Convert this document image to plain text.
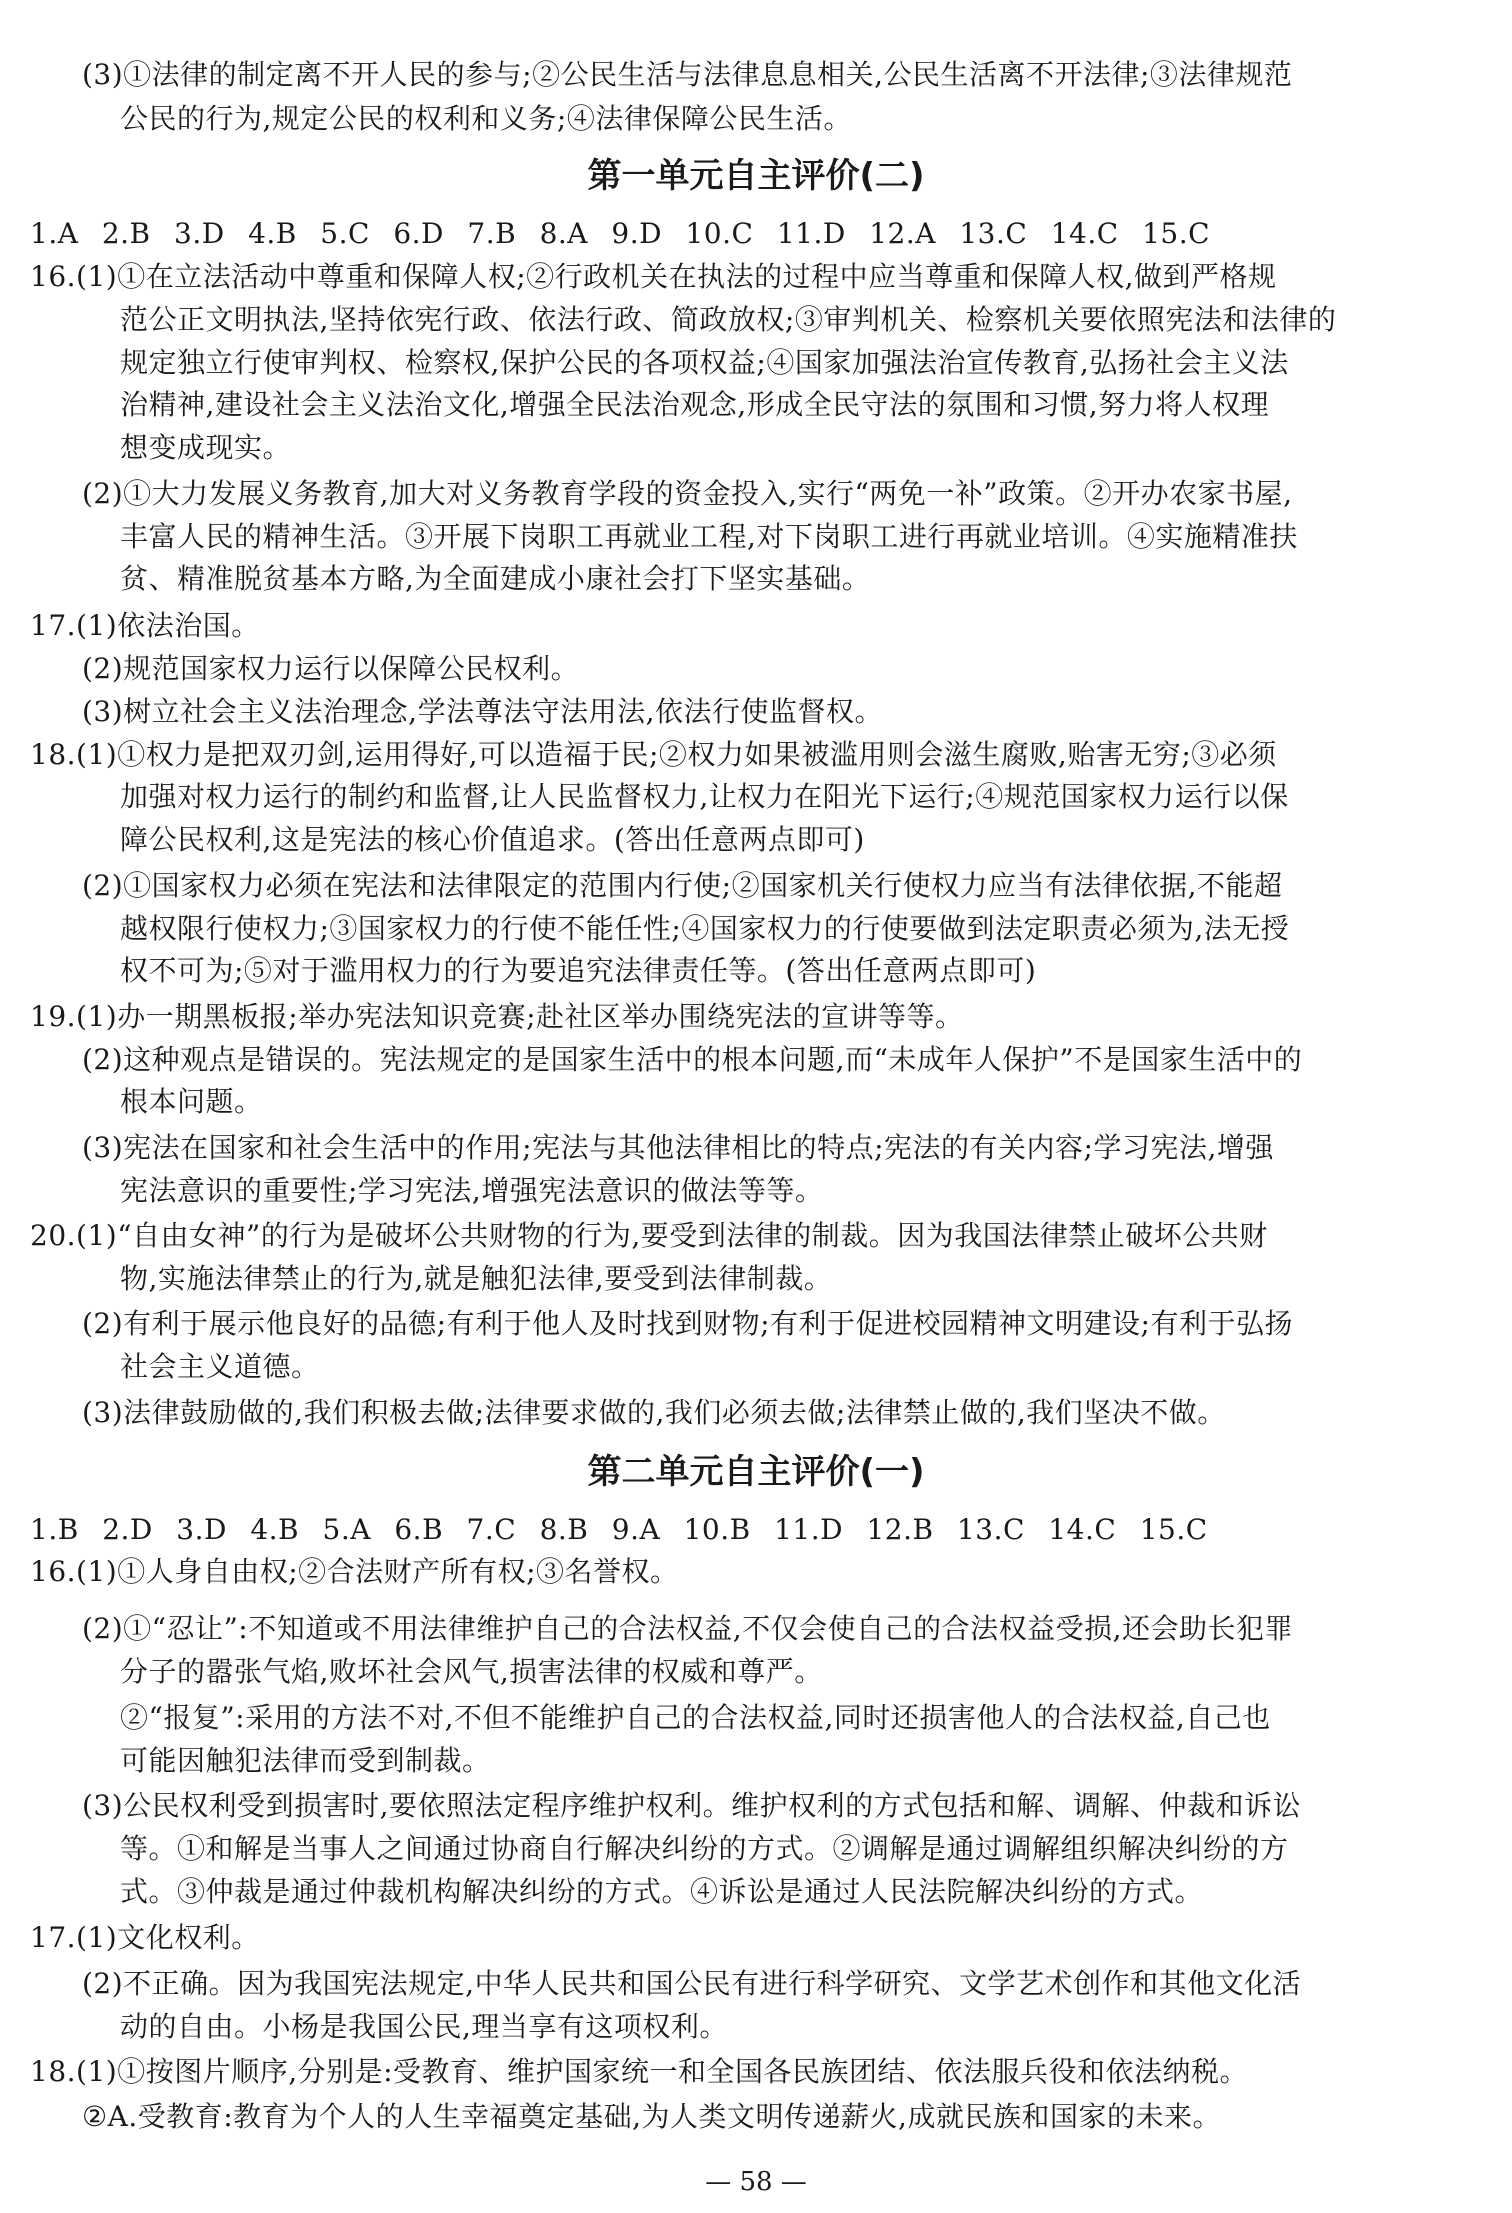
(3)①法律的制定离不开人民的参与;②公民生活与法律息息相关,公民生活离不开法律;③法律规范
公民的行为,规定公民的权利和义务;④法律保障公民生活。
第一单元自主评价(二)
1.A 2.B 3.D 4.B 5.C 6.D 7.B 8.A 9.D 10.C 11.D 12.A 13.C 14.C 15.C
16.(1)①在立法活动中尊重和保障人权;②行政机关在执法的过程中应当尊重和保障人权,做到严格规
范公正文明执法,坚持依宪行政、依法行政、简政放权;③审判机关、检察机关要依照宪法和法律的
规定独立行使审判权、检察权,保护公民的各项权益;④国家加强法治宣传教育,弘扬社会主义法
治精神,建设社会主义法治文化,增强全民法治观念,形成全民守法的氛围和习惯,努力将人权理
想变成现实。
(2)①大力发展义务教育,加大对义务教育学段的资金投入,实行“两免一补”政策。②开办农家书屋,
丰富人民的精神生活。③开展下岗职工再就业工程,对下岗职工进行再就业培训。④实施精准扶
贫、精准脱贫基本方略,为全面建成小康社会打下坚实基础。
17.(1)依法治国。
(2)规范国家权力运行以保障公民权利。
(3)树立社会主义法治理念,学法尊法守法用法,依法行使监督权。
18.(1)①权力是把双刃剑,运用得好,可以造福于民;②权力如果被滥用则会滋生腐败,贻害无穷;③必须
加强对权力运行的制约和监督,让人民监督权力,让权力在阳光下运行;④规范国家权力运行以保
障公民权利,这是宪法的核心价值追求。(答出任意两点即可)
(2)①国家权力必须在宪法和法律限定的范围内行使;②国家机关行使权力应当有法律依据,不能超
越权限行使权力;③国家权力的行使不能任性;④国家权力的行使要做到法定职责必须为,法无授
权不可为;⑤对于滥用权力的行为要追究法律责任等。(答出任意两点即可)
19.(1)办一期黑板报;举办宪法知识竞赛;赴社区举办围绕宪法的宣讲等等。
(2)这种观点是错误的。宪法规定的是国家生活中的根本问题,而“未成年人保护”不是国家生活中的
根本问题。
(3)宪法在国家和社会生活中的作用;宪法与其他法律相比的特点;宪法的有关内容;学习宪法,增强
宪法意识的重要性;学习宪法,增强宪法意识的做法等等。
20.(1)“自由女神”的行为是破坏公共财物的行为,要受到法律的制裁。因为我国法律禁止破坏公共财
物,实施法律禁止的行为,就是触犯法律,要受到法律制裁。
(2)有利于展示他良好的品德;有利于他人及时找到财物;有利于促进校园精神文明建设;有利于弘扬
社会主义道德。
(3)法律鼓励做的,我们积极去做;法律要求做的,我们必须去做;法律禁止做的,我们坚决不做。
第二单元自主评价(一)
1.B 2.D 3.D 4.B 5.A 6.B 7.C 8.B 9.A 10.B 11.D 12.B 13.C 14.C 15.C
16.(1)①人身自由权;②合法财产所有权;③名誉权。
(2)①“忍让”:不知道或不用法律维护自己的合法权益,不仅会使自己的合法权益受损,还会助长犯罪
分子的嚣张气焰,败坏社会风气,损害法律的权威和尊严。
②“报复”:采用的方法不对,不但不能维护自己的合法权益,同时还损害他人的合法权益,自己也
可能因触犯法律而受到制裁。
(3)公民权利受到损害时,要依照法定程序维护权利。维护权利的方式包括和解、调解、仲裁和诉讼
等。①和解是当事人之间通过协商自行解决纠纷的方式。②调解是通过调解组织解决纠纷的方
式。③仲裁是通过仲裁机构解决纠纷的方式。④诉讼是通过人民法院解决纠纷的方式。
17.(1)文化权利。
(2)不正确。因为我国宪法规定,中华人民共和国公民有进行科学研究、文学艺术创作和其他文化活
动的自由。小杨是我国公民,理当享有这项权利。
18.(1)①按图片顺序,分别是:受教育、维护国家统一和全国各民族团结、依法服兵役和依法纳税。
②A.受教育:教育为个人的人生幸福奠定基础,为人类文明传递薪火,成就民族和国家的未来。
— 58 —
